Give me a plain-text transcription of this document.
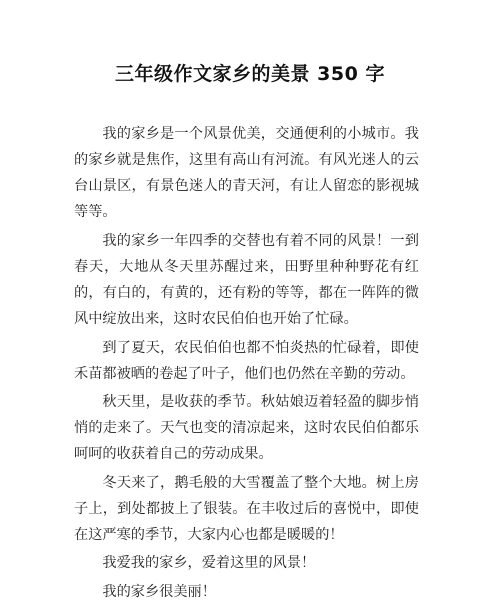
三年级作文家乡的美景 350 字

我的家乡是一个风景优美，交通便利的小城市。我的家乡就是焦作，这里有高山有河流。有风光迷人的云台山景区，有景色迷人的青天河，有让人留恋的影视城等等。

我的家乡一年四季的交替也有着不同的风景！一到春天，大地从冬天里苏醒过来，田野里种种野花有红的，有白的，有黄的，还有粉的等等，都在一阵阵的微风中绽放出来，这时农民伯伯也开始了忙碌。

到了夏天，农民伯伯也都不怕炎热的忙碌着，即使禾苗都被晒的卷起了叶子，他们也仍然在辛勤的劳动。

秋天里，是收获的季节。秋姑娘迈着轻盈的脚步悄悄的走来了。天气也变的清凉起来，这时农民伯伯都乐呵呵的收获着自己的劳动成果。

冬天来了，鹅毛般的大雪覆盖了整个大地。树上房子上，到处都披上了银装。在丰收过后的喜悦中，即使在这严寒的季节，大家内心也都是暖暖的！

我爱我的家乡，爱着这里的风景！

我的家乡很美丽！
